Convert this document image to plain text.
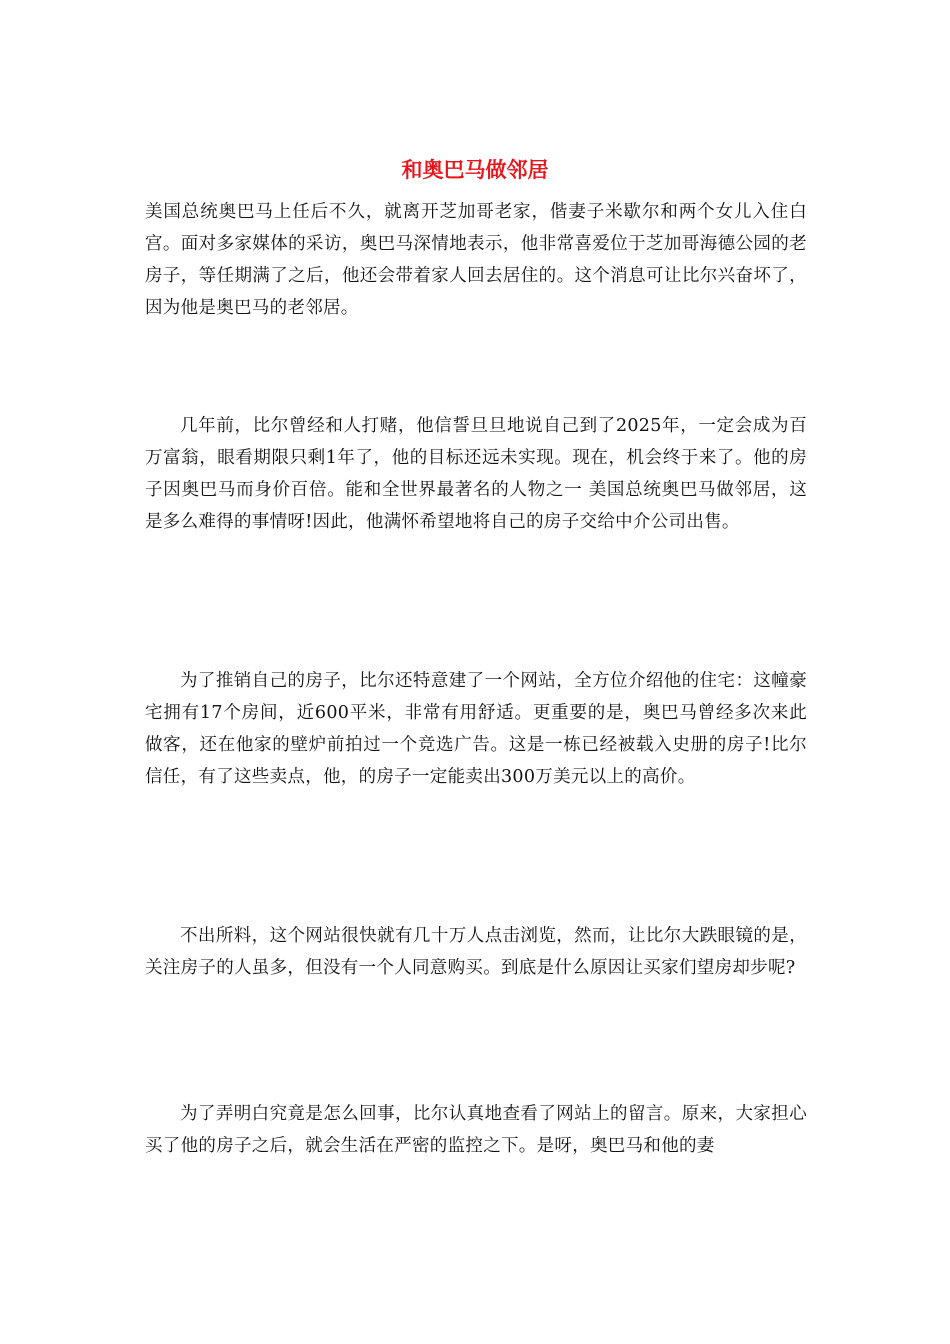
和奥巴马做邻居

美国总统奥巴马上任后不久，就离开芝加哥老家，偕妻子米歇尔和两个女儿入住白宫。面对多家媒体的采访，奥巴马深情地表示，他非常喜爱位于芝加哥海德公园的老房子，等任期满了之后，他还会带着家人回去居住的。这个消息可让比尔兴奋坏了，因为他是奥巴马的老邻居。

几年前，比尔曾经和人打赌，他信誓旦旦地说自己到了2025年，一定会成为百万富翁，眼看期限只剩1年了，他的目标还远未实现。现在，机会终于来了。他的房子因奥巴马而身价百倍。能和全世界最著名的人物之一 美国总统奥巴马做邻居，这是多么难得的事情呀!因此，他满怀希望地将自己的房子交给中介公司出售。

为了推销自己的房子，比尔还特意建了一个网站，全方位介绍他的住宅：这幢豪宅拥有17个房间，近600平米，非常有用舒适。更重要的是，奥巴马曾经多次来此做客，还在他家的壁炉前拍过一个竞选广告。这是一栋已经被载入史册的房子!比尔信任，有了这些卖点，他，的房子一定能卖出300万美元以上的高价。

不出所料，这个网站很快就有几十万人点击浏览，然而，让比尔大跌眼镜的是，关注房子的人虽多，但没有一个人同意购买。到底是什么原因让买家们望房却步呢?

为了弄明白究竟是怎么回事，比尔认真地查看了网站上的留言。原来，大家担心买了他的房子之后，就会生活在严密的监控之下。是呀，奥巴马和他的妻
